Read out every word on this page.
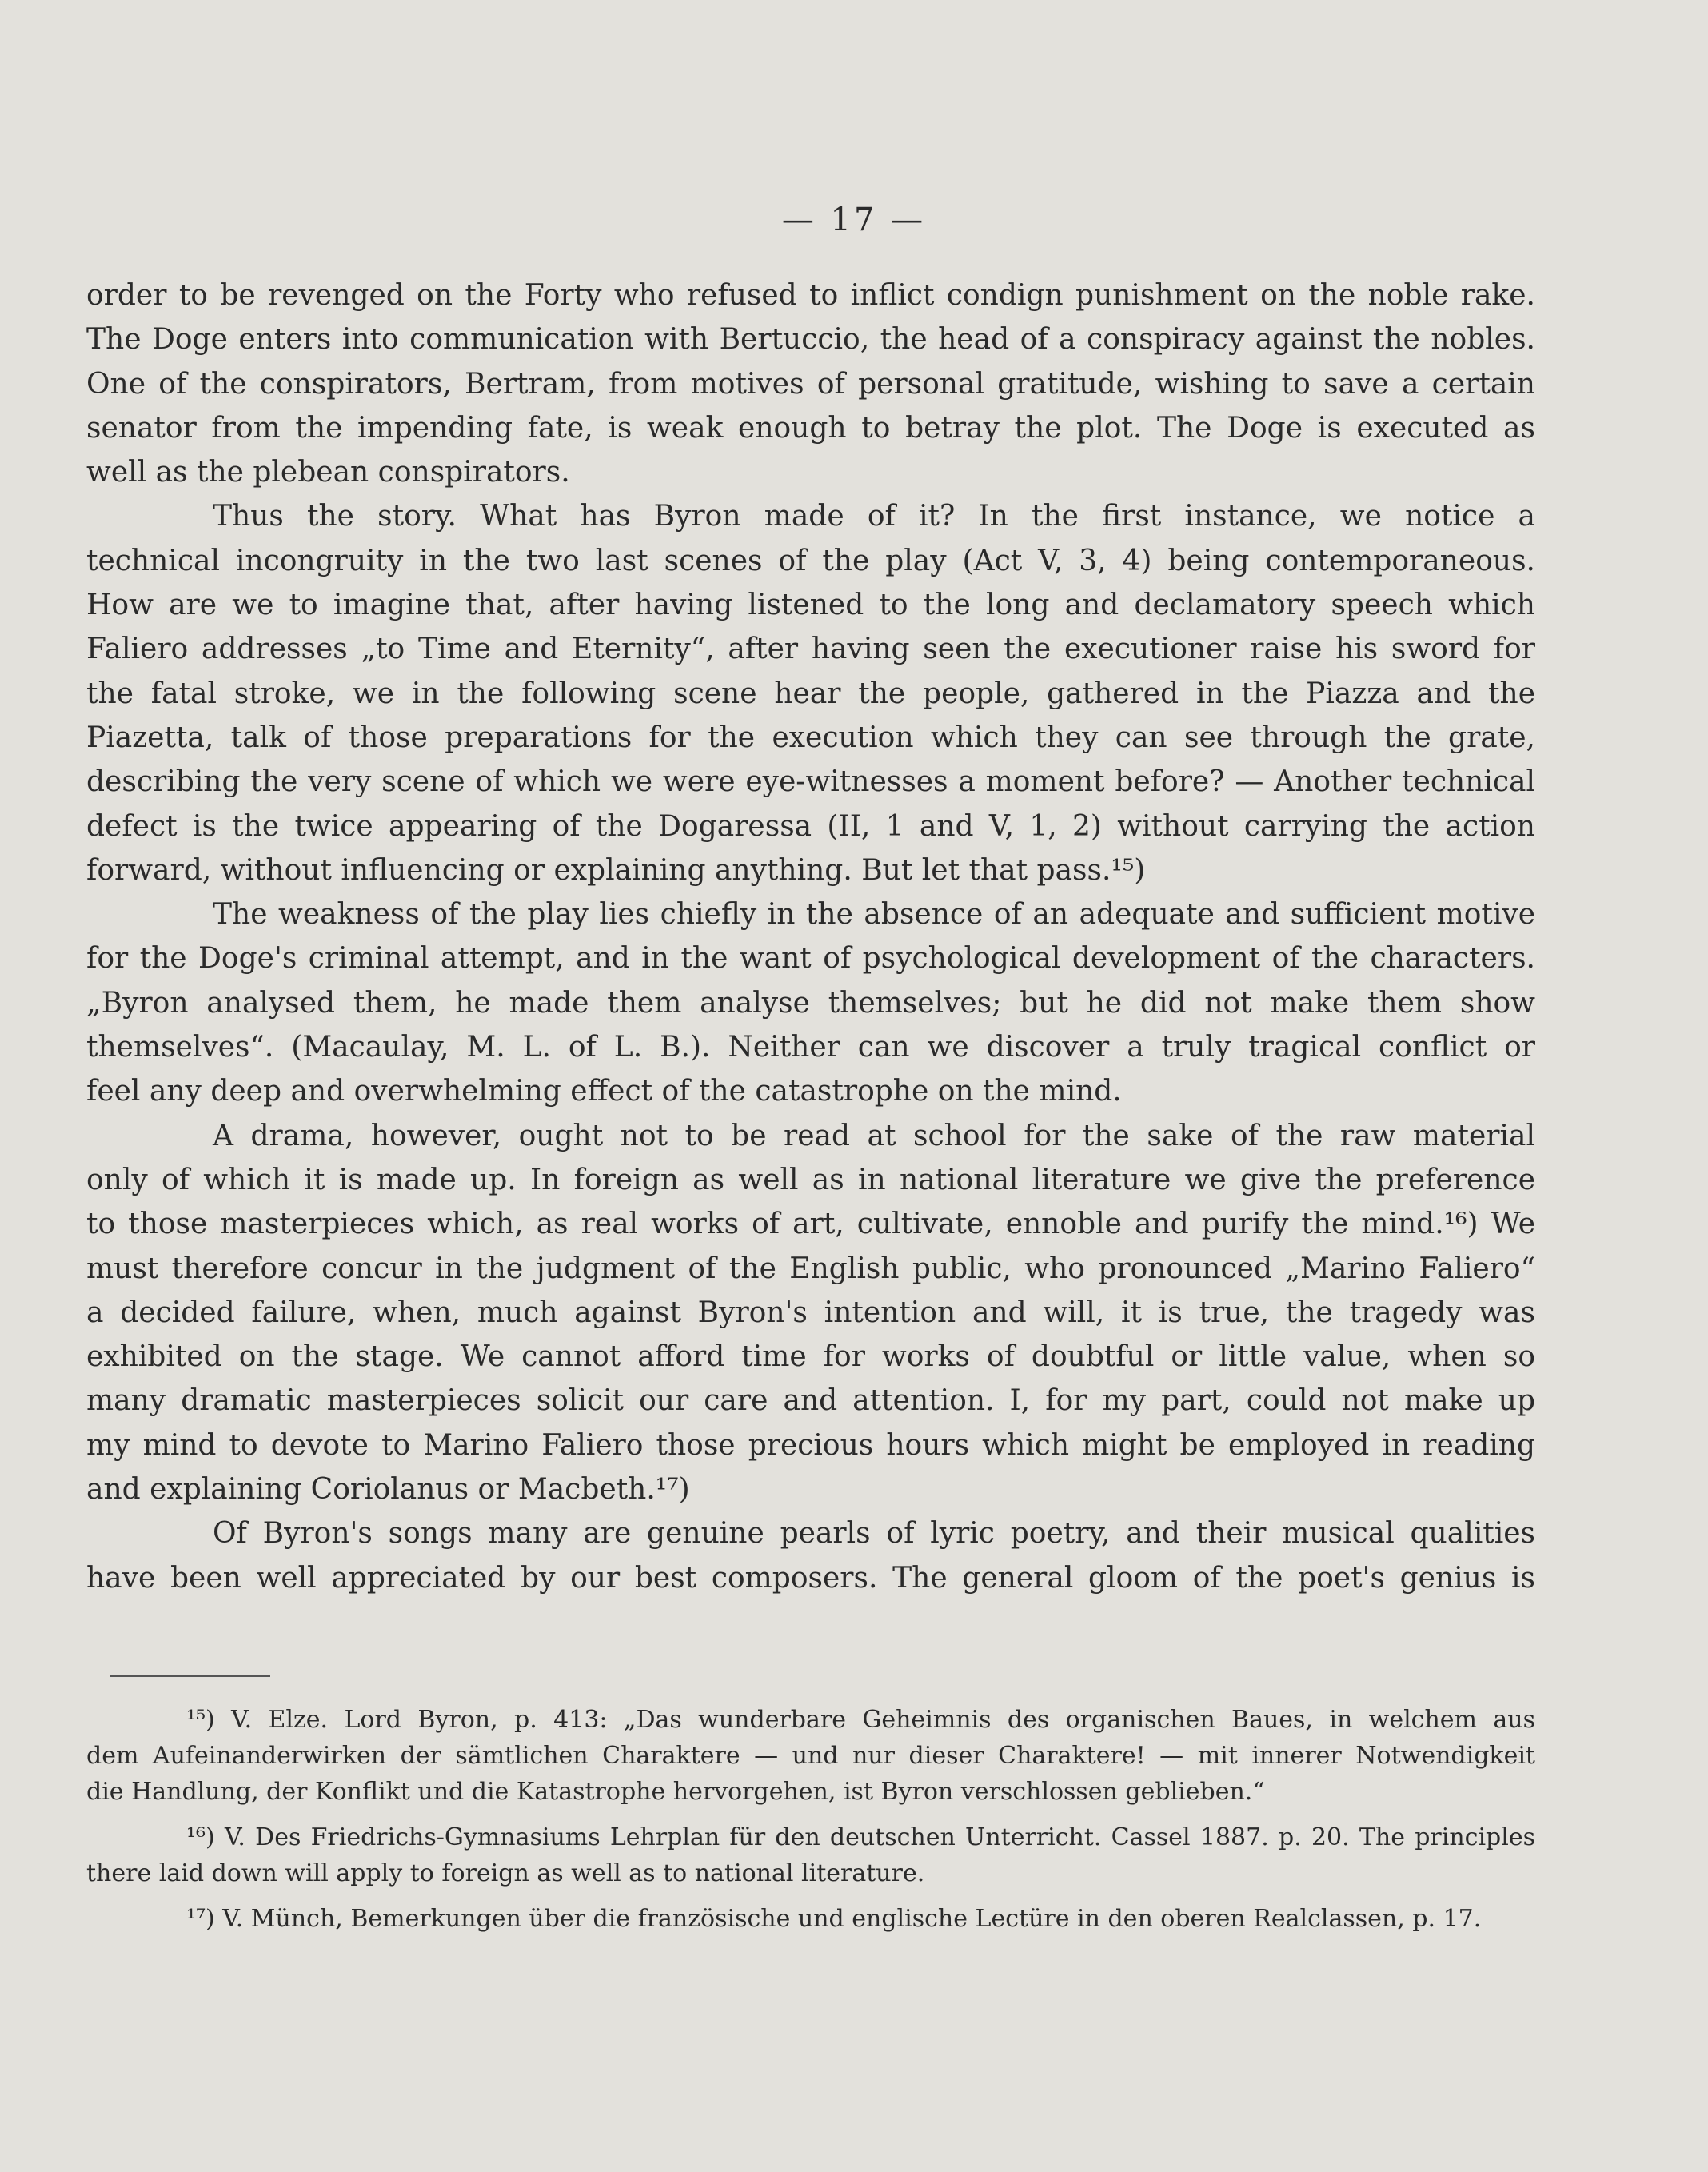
— 17 —
order to be revenged on the Forty who refused to inflict condign punishment on the noble rake.
The Doge enters into communication with Bertuccio, the head of a conspiracy against the nobles.
One of the conspirators, Bertram, from motives of personal gratitude, wishing to save a certain
senator from the impending fate, is weak enough to betray the plot. The Doge is executed as
well as the plebean conspirators.
Thus the story. What has Byron made of it? In the first instance, we notice a
technical incongruity in the two last scenes of the play (Act V, 3, 4) being contemporaneous.
How are we to imagine that, after having listened to the long and declamatory speech which
Faliero addresses „to Time and Eternity“, after having seen the executioner raise his sword for
the fatal stroke, we in the following scene hear the people, gathered in the Piazza and the
Piazetta, talk of those preparations for the execution which they can see through the grate,
describing the very scene of which we were eye-witnesses a moment before? — Another technical
defect is the twice appearing of the Dogaressa (II, 1 and V, 1, 2) without carrying the action
forward, without influencing or explaining anything. But let that pass.¹⁵)
The weakness of the play lies chiefly in the absence of an adequate and sufficient motive
for the Doge's criminal attempt, and in the want of psychological development of the characters.
„Byron analysed them, he made them analyse themselves; but he did not make them show
themselves“. (Macaulay, M. L. of L. B.). Neither can we discover a truly tragical conflict or
feel any deep and overwhelming effect of the catastrophe on the mind.
A drama, however, ought not to be read at school for the sake of the raw material
only of which it is made up. In foreign as well as in national literature we give the preference
to those masterpieces which, as real works of art, cultivate, ennoble and purify the mind.¹⁶) We
must therefore concur in the judgment of the English public, who pronounced „Marino Faliero“
a decided failure, when, much against Byron's intention and will, it is true, the tragedy was
exhibited on the stage. We cannot afford time for works of doubtful or little value, when so
many dramatic masterpieces solicit our care and attention. I, for my part, could not make up
my mind to devote to Marino Faliero those precious hours which might be employed in reading
and explaining Coriolanus or Macbeth.¹⁷)
Of Byron's songs many are genuine pearls of lyric poetry, and their musical qualities
have been well appreciated by our best composers. The general gloom of the poet's genius is
¹⁵) V. Elze. Lord Byron, p. 413: „Das wunderbare Geheimnis des organischen Baues, in welchem aus
dem Aufeinanderwirken der sämtlichen Charaktere — und nur dieser Charaktere! — mit innerer Notwendigkeit
die Handlung, der Konflikt und die Katastrophe hervorgehen, ist Byron verschlossen geblieben.“
¹⁶) V. Des Friedrichs-Gymnasiums Lehrplan für den deutschen Unterricht. Cassel 1887. p. 20. The principles
there laid down will apply to foreign as well as to national literature.
¹⁷) V. Münch, Bemerkungen über die französische und englische Lectüre in den oberen Realclassen, p. 17.
